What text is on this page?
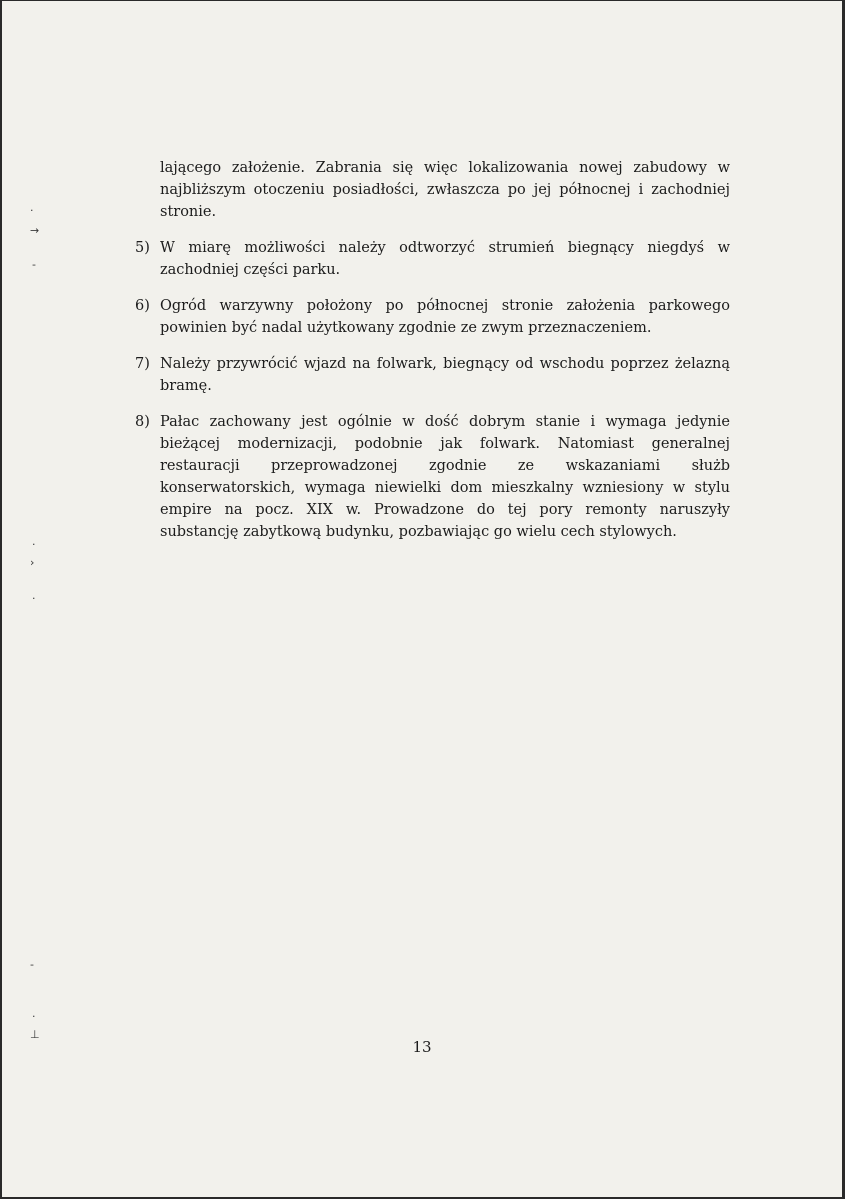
·
→
-
·
›
·
-
·
⊥

lającego założenie. Zabrania się więc lokalizowania nowej zabudowy w najbliższym otoczeniu posiadłości, zwłaszcza po jej północnej i zachodniej stronie.

5) W miarę możliwości należy odtworzyć strumień biegnący niegdyś w zachodniej części parku.
6) Ogród warzywny położony po północnej stronie założenia parkowego powinien być nadal użytkowany zgodnie ze zwym przeznaczeniem.
7) Należy przywrócić wjazd na folwark, biegnący od wschodu poprzez żelazną bramę.
8) Pałac zachowany jest ogólnie w dość dobrym stanie i wymaga jedynie bieżącej modernizacji, podobnie jak folwark. Natomiast generalnej restauracji przeprowadzonej zgodnie ze wskazaniami służb konserwatorskich, wymaga niewielki dom mieszkalny wzniesiony w stylu empire na pocz. XIX w. Prowadzone do tej pory remonty naruszyły substancję zabytkową budynku, pozbawiając go wielu cech stylowych.
13
